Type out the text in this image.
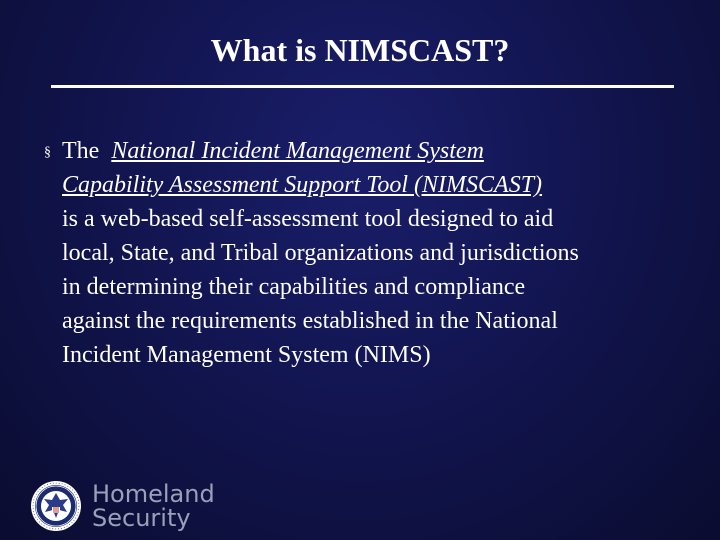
What is NIMSCAST?
§ The National Incident Management System
Capability Assessment Support Tool (NIMSCAST)
is a web-based self-assessment tool designed to aid
local, State, and Tribal organizations and jurisdictions
in determining their capabilities and compliance
against the requirements established in the National
Incident Management System (NIMS)

Homeland
Security
